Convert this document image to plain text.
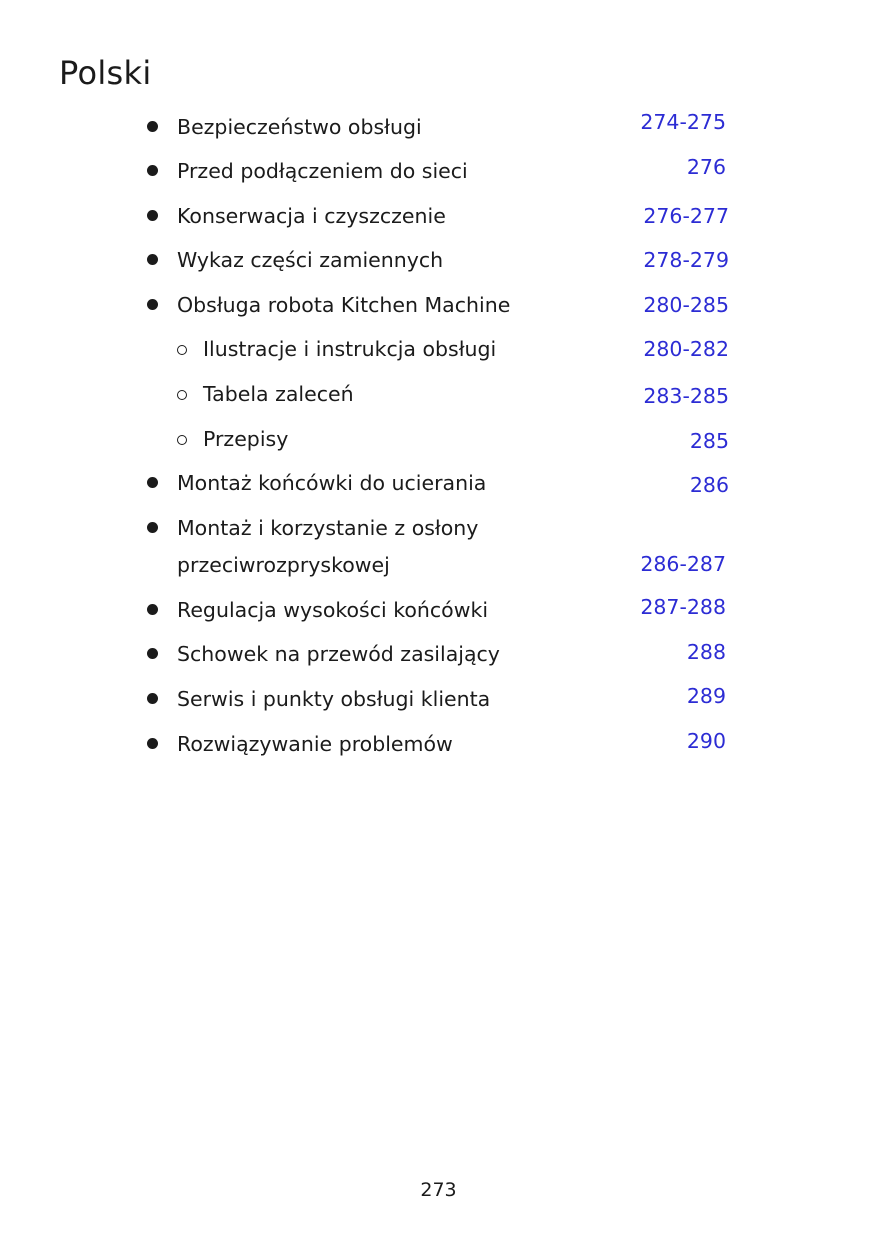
Polski
Bezpieczeństwo obsługi	274-275
Przed podłączeniem do sieci	276
Konserwacja i czyszczenie	276-277
Wykaz części zamiennych	278-279
Obsługa robota Kitchen Machine	280-285
Ilustracje i instrukcja obsługi	280-282
Tabela zaleceń	283-285
Przepisy	285
Montaż końcówki do ucierania	286
Montaż i korzystanie z osłony
przeciwrozpryskowej	286-287
Regulacja wysokości końcówki	287-288
Schowek na przewód zasilający	288
Serwis i punkty obsługi klienta	289
Rozwiązywanie problemów	290
273
